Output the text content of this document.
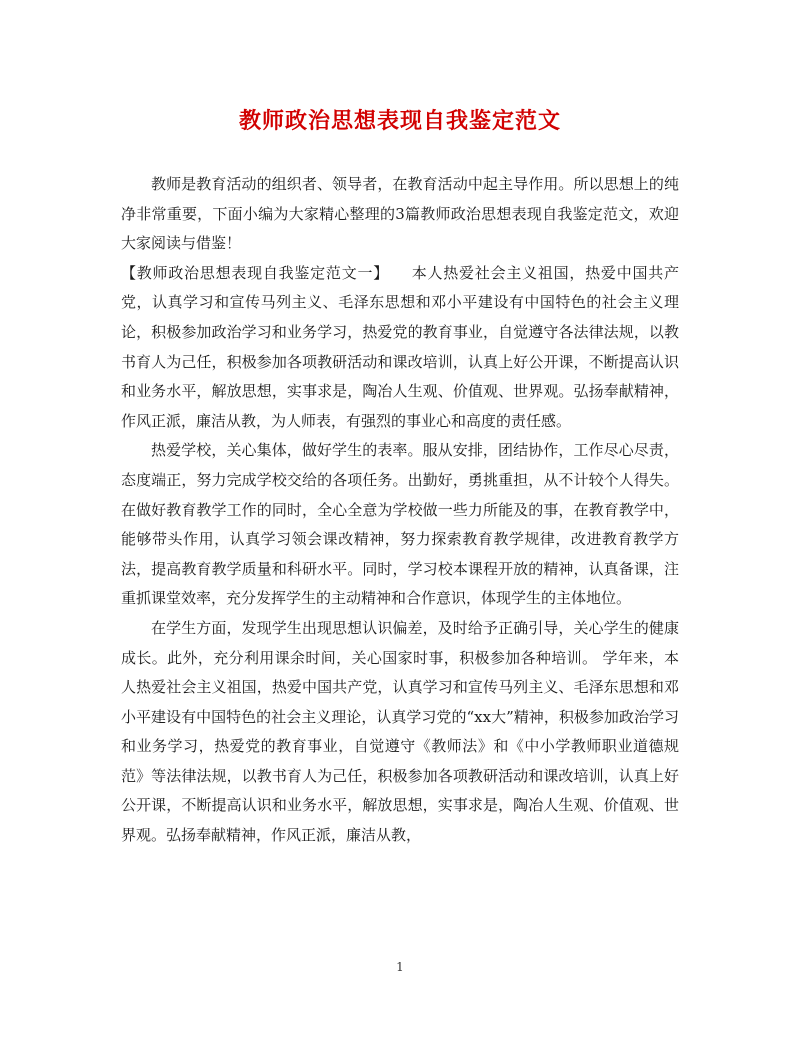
教师政治思想表现自我鉴定范文

教师是教育活动的组织者、领导者，在教育活动中起主导作用。所以思想上的纯净非常重要，下面小编为大家精心整理的3篇教师政治思想表现自我鉴定范文，欢迎大家阅读与借鉴！

【教师政治思想表现自我鉴定范文一】 本人热爱社会主义祖国，热爱中国共产党，认真学习和宣传马列主义、毛泽东思想和邓小平建设有中国特色的社会主义理论，积极参加政治学习和业务学习，热爱党的教育事业，自觉遵守各法律法规，以教书育人为己任，积极参加各项教研活动和课改培训，认真上好公开课，不断提高认识和业务水平，解放思想，实事求是，陶冶人生观、价值观、世界观。弘扬奉献精神，作风正派，廉洁从教，为人师表，有强烈的事业心和高度的责任感。

热爱学校，关心集体，做好学生的表率。服从安排，团结协作，工作尽心尽责，态度端正，努力完成学校交给的各项任务。出勤好，勇挑重担，从不计较个人得失。在做好教育教学工作的同时，全心全意为学校做一些力所能及的事，在教育教学中，能够带头作用，认真学习领会课改精神，努力探索教育教学规律，改进教育教学方法，提高教育教学质量和科研水平。同时，学习校本课程开放的精神，认真备课，注重抓课堂效率，充分发挥学生的主动精神和合作意识，体现学生的主体地位。

在学生方面，发现学生出现思想认识偏差，及时给予正确引导，关心学生的健康成长。此外，充分利用课余时间，关心国家时事，积极参加各种培训。 学年来，本人热爱社会主义祖国，热爱中国共产党，认真学习和宣传马列主义、毛泽东思想和邓小平建设有中国特色的社会主义理论，认真学习党的“xx大”精神，积极参加政治学习和业务学习，热爱党的教育事业，自觉遵守《教师法》和《中小学教师职业道德规范》等法律法规，以教书育人为己任，积极参加各项教研活动和课改培训，认真上好公开课，不断提高认识和业务水平，解放思想，实事求是，陶冶人生观、价值观、世界观。弘扬奉献精神，作风正派，廉洁从教，

1
